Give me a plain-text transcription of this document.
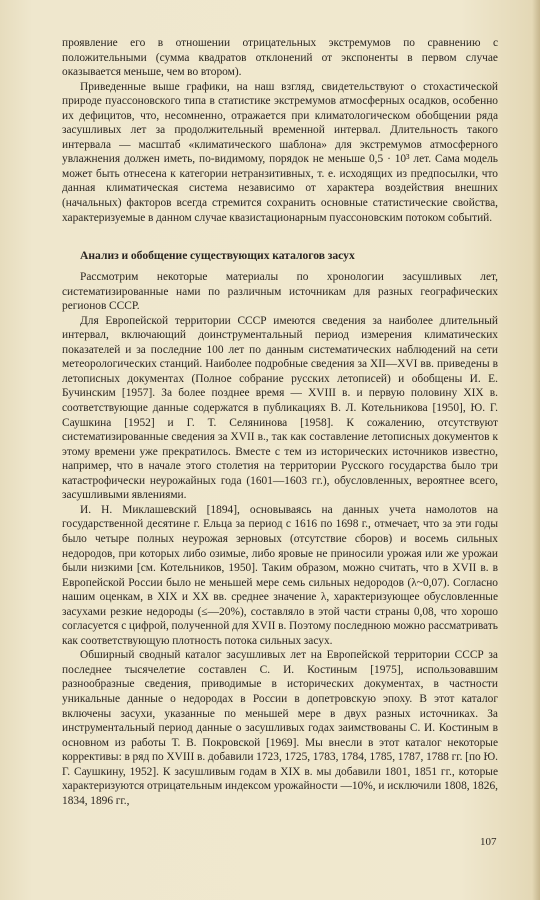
проявление его в отношении отрицательных экстремумов по сравнению с положительными (сумма квадратов отклонений от экспоненты в первом случае оказывается меньше, чем во втором).

Приведенные выше графики, на наш взгляд, свидетельствуют о стохастической природе пуассоновского типа в статистике экстремумов атмосферных осадков, особенно их дефицитов, что, несомненно, отражается при климатологическом обобщении ряда засушливых лет за продолжительный временной интервал. Длительность такого интервала — масштаб «климатического шаблона» для экстремумов атмосферного увлажнения должен иметь, по-видимому, порядок не меньше 0,5 · 10³ лет. Сама модель может быть отнесена к категории нетранзитивных, т. е. исходящих из предпосылки, что данная климатическая система независимо от характера воздействия внешних (начальных) факторов всегда стремится сохранить основные статистические свойства, характеризуемые в данном случае квазистационарным пуассоновским потоком событий.

Анализ и обобщение существующих каталогов засух

Рассмотрим некоторые материалы по хронологии засушливых лет, систематизированные нами по различным источникам для разных географических регионов СССР.

Для Европейской территории СССР имеются сведения за наиболее длительный интервал, включающий доинструментальный период измерения климатических показателей и за последние 100 лет по данным систематических наблюдений на сети метеорологических станций. Наиболее подробные сведения за XII—XVI вв. приведены в летописных документах (Полное собрание русских летописей) и обобщены И. Е. Бучинским [1957]. За более позднее время — XVIII в. и первую половину XIX в. соответствующие данные содержатся в публикациях В. Л. Котельникова [1950], Ю. Г. Саушкина [1952] и Г. Т. Селянинова [1958]. К сожалению, отсутствуют систематизированные сведения за XVII в., так как составление летописных документов к этому времени уже прекратилось. Вместе с тем из исторических источников известно, например, что в начале этого столетия на территории Русского государства было три катастрофически неурожайных года (1601—1603 гг.), обусловленных, вероятнее всего, засушливыми явлениями.

И. Н. Миклашевский [1894], основываясь на данных учета намолотов на государственной десятине г. Ельца за период с 1616 по 1698 г., отмечает, что за эти годы было четыре полных неурожая зерновых (отсутствие сборов) и восемь сильных недородов, при которых либо озимые, либо яровые не приносили урожая или же урожаи были низкими [см. Котельников, 1950]. Таким образом, можно считать, что в XVII в. в Европейской России было не меньшей мере семь сильных недородов (λ~0,07). Согласно нашим оценкам, в XIX и XX вв. среднее значение λ, характеризующее обусловленные засухами резкие недороды (≤—20%), составляло в этой части страны 0,08, что хорошо согласуется с цифрой, полученной для XVII в. Поэтому последнюю можно рассматривать как соответствующую плотность потока сильных засух.

Обширный сводный каталог засушливых лет на Европейской территории СССР за последнее тысячелетие составлен С. И. Костиным [1975], использовавшим разнообразные сведения, приводимые в исторических документах, в частности уникальные данные о недородах в России в допетровскую эпоху. В этот каталог включены засухи, указанные по меньшей мере в двух разных источниках. За инструментальный период данные о засушливых годах заимствованы С. И. Костиным в основном из работы Т. В. Покровской [1969]. Мы внесли в этот каталог некоторые коррективы: в ряд по XVIII в. добавили 1723, 1725, 1783, 1784, 1785, 1787, 1788 гг. [по Ю. Г. Саушкину, 1952]. К засушливым годам в XIX в. мы добавили 1801, 1851 гг., которые характеризуются отрицательным индексом урожайности —10%, и исключили 1808, 1826, 1834, 1896 гг.,

107
